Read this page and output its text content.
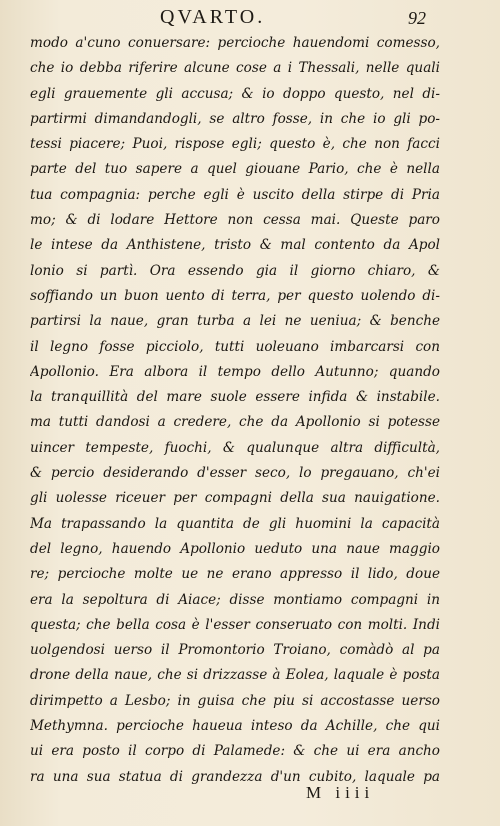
QVARTO.	92
modo a'cuno conuersare: percioche hauendomi comesso,
che io debba riferire alcune cose a i Thessali, nelle quali
egli grauemente gli accusa; & io doppo questo, nel di-
partirmi dimandandogli, se altro fosse, in che io gli po-
tessi piacere; Puoi, rispose egli; questo è, che non facci
parte del tuo sapere a quel giouane Pario, che è nella
tua compagnia: perche egli è uscito della stirpe di Pria
mo; & di lodare Hettore non cessa mai. Queste paro
le intese da Anthistene, tristo & mal contento da Apol
lonio si partì. Ora essendo gia il giorno chiaro, &
soffiando un buon uento di terra, per questo uolendo di-
partirsi la naue, gran turba a lei ne ueniua; & benche
il legno fosse picciolo, tutti uoleuano imbarcarsi con
Apollonio. Era albora il tempo dello Autunno; quando
la tranquillità del mare suole essere infida & instabile.
ma tutti dandosi a credere, che da Apollonio si potesse
uincer tempeste, fuochi, & qualunque altra difficultà,
& percio desiderando d'esser seco, lo pregauano, ch'ei
gli uolesse riceuer per compagni della sua nauigatione.
Ma trapassando la quantita de gli huomini la capacità
del legno, hauendo Apollonio ueduto una naue maggio
re; percioche molte ue ne erano appresso il lido, doue
era la sepoltura di Aiace; disse montiamo compagni in
questa; che bella cosa è l'esser conseruato con molti. Indi
uolgendosi uerso il Promontorio Troiano, comàdò al pa
drone della naue, che si drizzasse à Eolea, laquale è posta
dirimpetto a Lesbo; in guisa che piu si accostasse uerso
Methymna. percioche haueua inteso da Achille, che qui
ui era posto il corpo di Palamede: & che ui era ancho
ra una sua statua di grandezza d'un cubito, laquale pa
M iiii
